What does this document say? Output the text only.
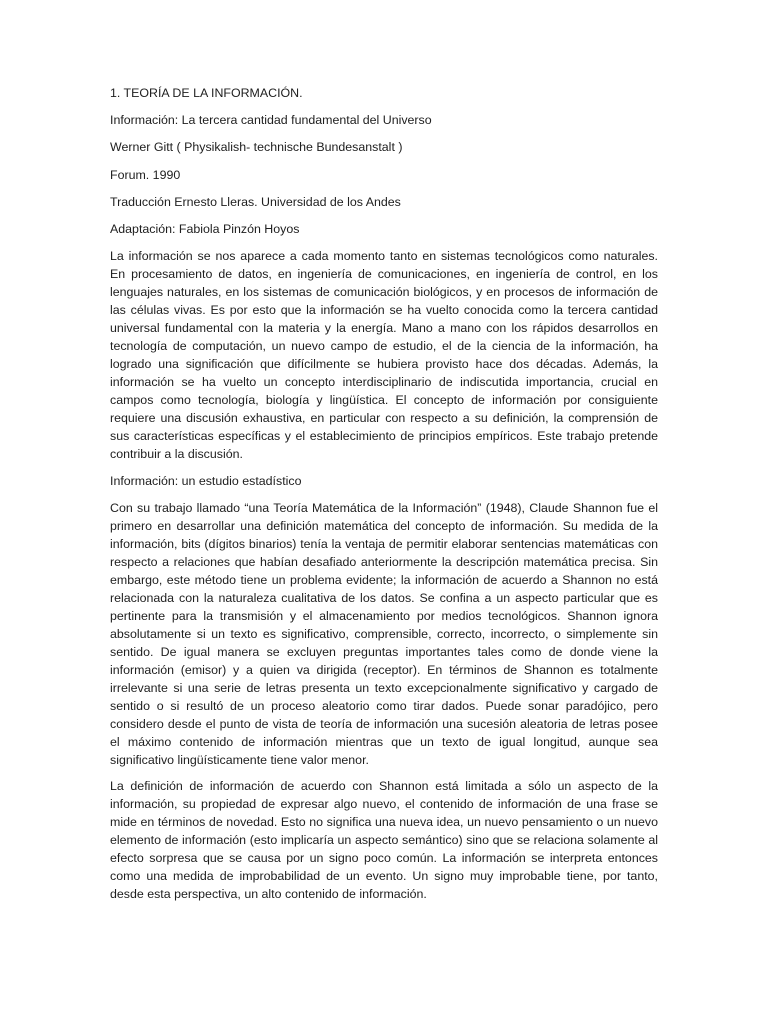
1. TEORÍA DE LA INFORMACIÓN.
Información: La tercera cantidad fundamental del Universo
Werner Gitt ( Physikalish- technische Bundesanstalt )
Forum. 1990
Traducción Ernesto Lleras. Universidad de los Andes
Adaptación: Fabiola Pinzón Hoyos

La información se nos aparece a cada momento tanto en sistemas tecnológicos como naturales. En procesamiento de datos, en ingeniería de comunicaciones, en ingeniería de control, en los lenguajes naturales, en los sistemas de comunicación biológicos, y en procesos de información de las células vivas. Es por esto que la información se ha vuelto conocida como la tercera cantidad universal fundamental con la materia y la energía. Mano a mano con los rápidos desarrollos en tecnología de computación, un nuevo campo de estudio, el de la ciencia de la información, ha logrado una significación que difícilmente se hubiera provisto hace dos décadas. Además, la información se ha vuelto un concepto interdisciplinario de indiscutida importancia, crucial en campos como tecnología, biología y lingüística. El concepto de información por consiguiente requiere una discusión exhaustiva, en particular con respecto a su definición, la comprensión de sus características específicas y el establecimiento de principios empíricos. Este trabajo pretende contribuir a la discusión.

Información: un estudio estadístico

Con su trabajo llamado “una Teoría Matemática de la Información” (1948), Claude Shannon fue el primero en desarrollar una definición matemática del concepto de información. Su medida de la información, bits (dígitos binarios) tenía la ventaja de permitir elaborar sentencias matemáticas con respecto a relaciones que habían desafiado anteriormente la descripción matemática precisa. Sin embargo, este método tiene un problema evidente; la información de acuerdo a Shannon no está relacionada con la naturaleza cualitativa de los datos. Se confina a un aspecto particular que es pertinente para la transmisión y el almacenamiento por medios tecnológicos. Shannon ignora absolutamente si un texto es significativo, comprensible, correcto, incorrecto, o simplemente sin sentido. De igual manera se excluyen preguntas importantes tales como de donde viene la información (emisor) y a quien va dirigida (receptor). En términos de Shannon es totalmente irrelevante si una serie de letras presenta un texto excepcionalmente significativo y cargado de sentido o si resultó de un proceso aleatorio como tirar dados. Puede sonar paradójico, pero considero desde el punto de vista de teoría de información una sucesión aleatoria de letras posee el máximo contenido de información mientras que un texto de igual longitud, aunque sea significativo lingüísticamente tiene valor menor.

La definición de información de acuerdo con Shannon está limitada a sólo un aspecto de la información, su propiedad de expresar algo nuevo, el contenido de información de una frase se mide en términos de novedad. Esto no significa una nueva idea, un nuevo pensamiento o un nuevo elemento de información (esto implicaría un aspecto semántico) sino que se relaciona solamente al efecto sorpresa que se causa por un signo poco común. La información se interpreta entonces como una medida de improbabilidad de un evento. Un signo muy improbable tiene, por tanto, desde esta perspectiva, un alto contenido de información.
